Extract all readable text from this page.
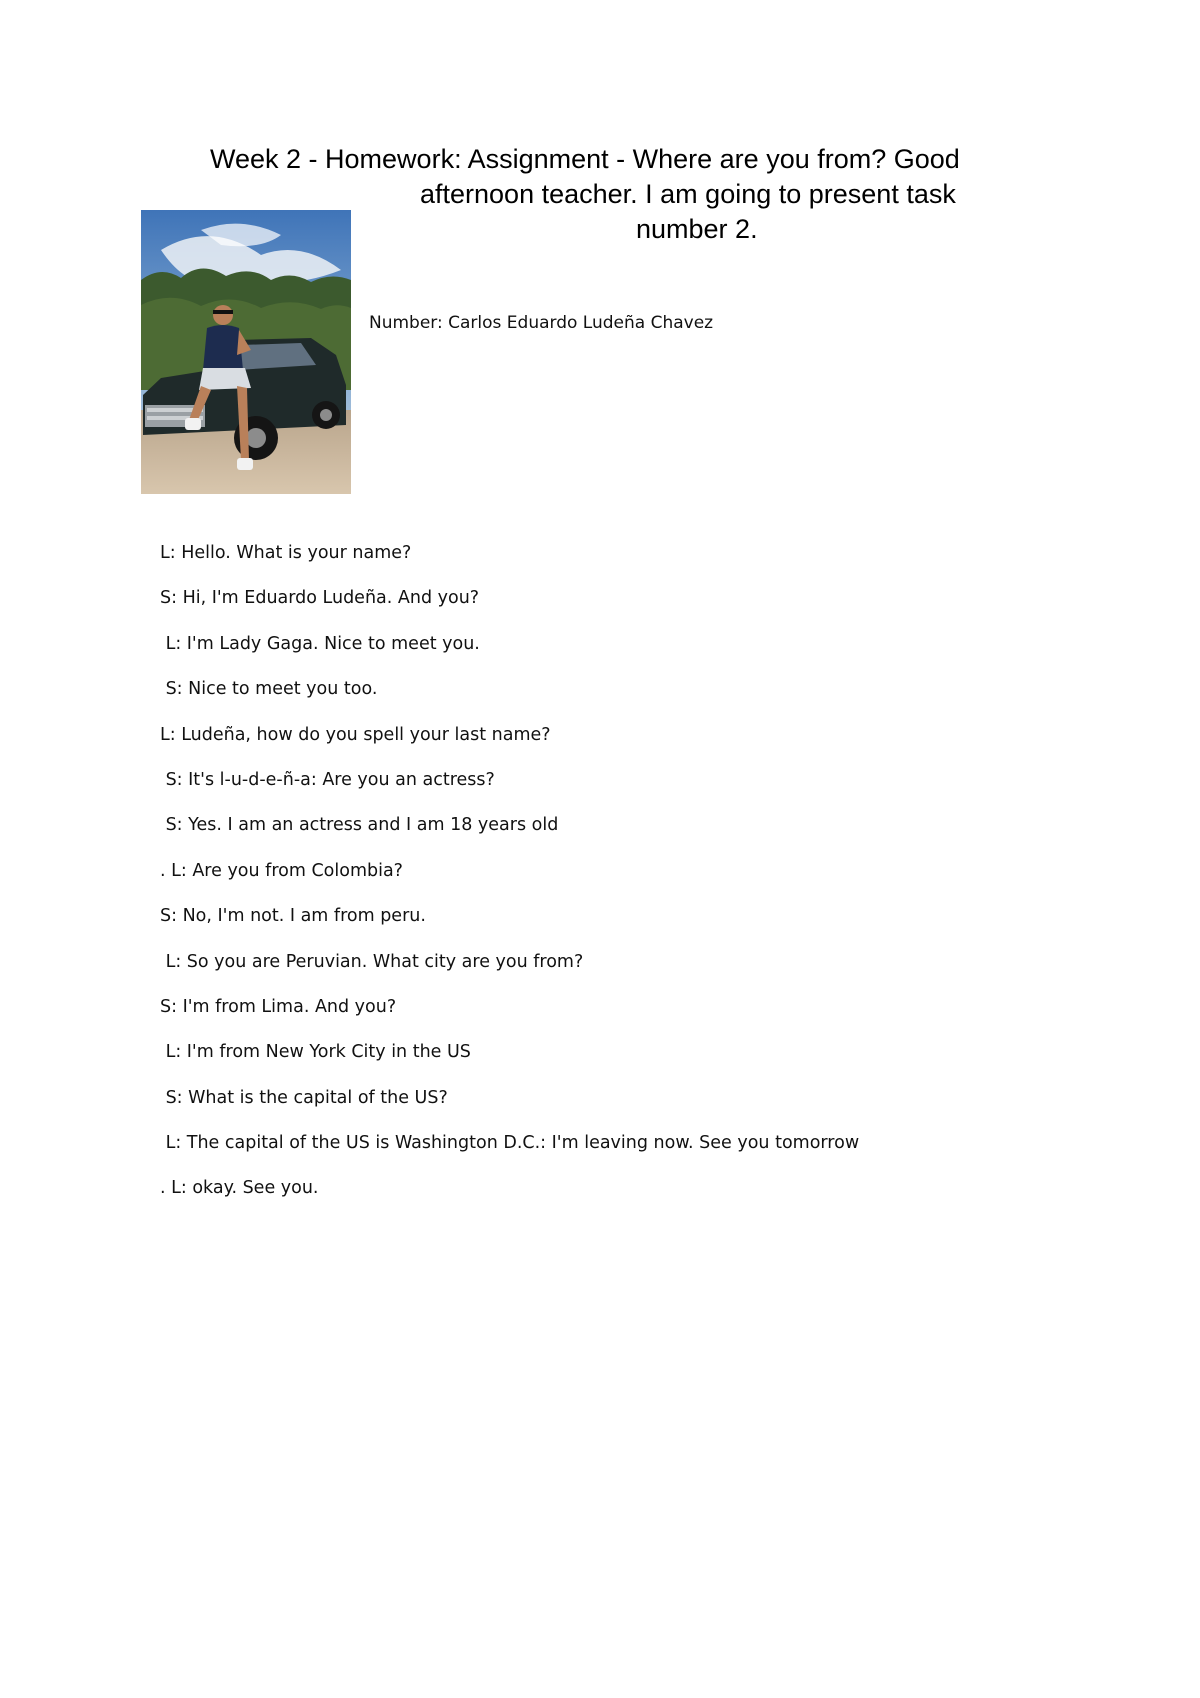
Week 2 - Homework: Assignment - Where are you from? Good
afternoon teacher. I am going to present task
number 2.
Number: Carlos Eduardo Ludeña Chavez
L: Hello. What is your name?
S: Hi, I'm Eduardo Ludeña. And you?
L: I'm Lady Gaga. Nice to meet you.
S: Nice to meet you too.
L: Ludeña, how do you spell your last name?
S: It's l-u-d-e-ñ-a: Are you an actress?
S: Yes. I am an actress and I am 18 years old
. L: Are you from Colombia?
S: No, I'm not. I am from peru.
L: So you are Peruvian. What city are you from?
S: I'm from Lima. And you?
L: I'm from New York City in the US
S: What is the capital of the US?
L: The capital of the US is Washington D.C.: I'm leaving now. See you tomorrow
. L: okay. See you.
